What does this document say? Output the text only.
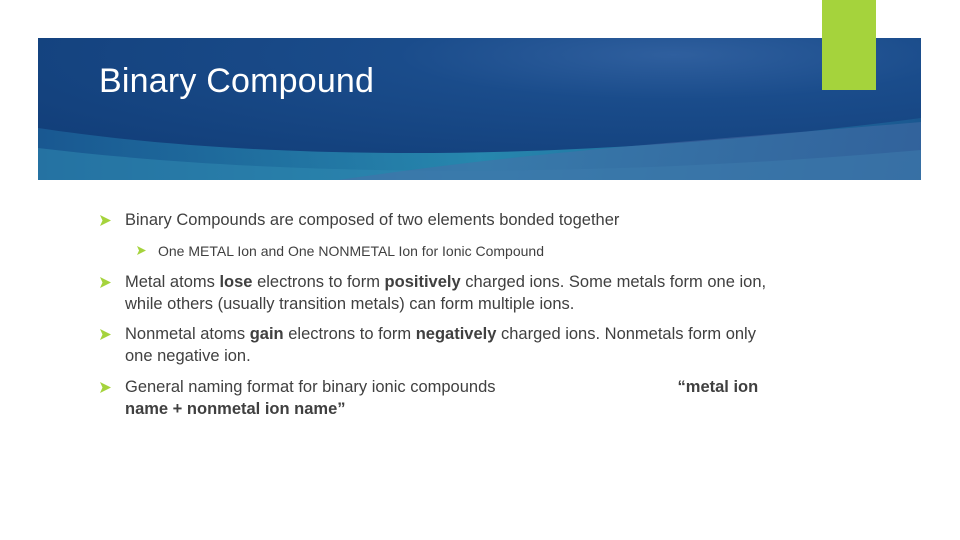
Binary Compound
Binary Compounds are composed of two elements bonded together
One METAL Ion and One NONMETAL Ion for Ionic Compound
Metal atoms lose electrons to form positively charged ions. Some metals form one ion, while others (usually transition metals) can form multiple ions.
Nonmetal atoms gain electrons to form negatively charged ions. Nonmetals form only one negative ion.
General naming format for binary ionic compounds	“metal ion name + nonmetal ion name”
